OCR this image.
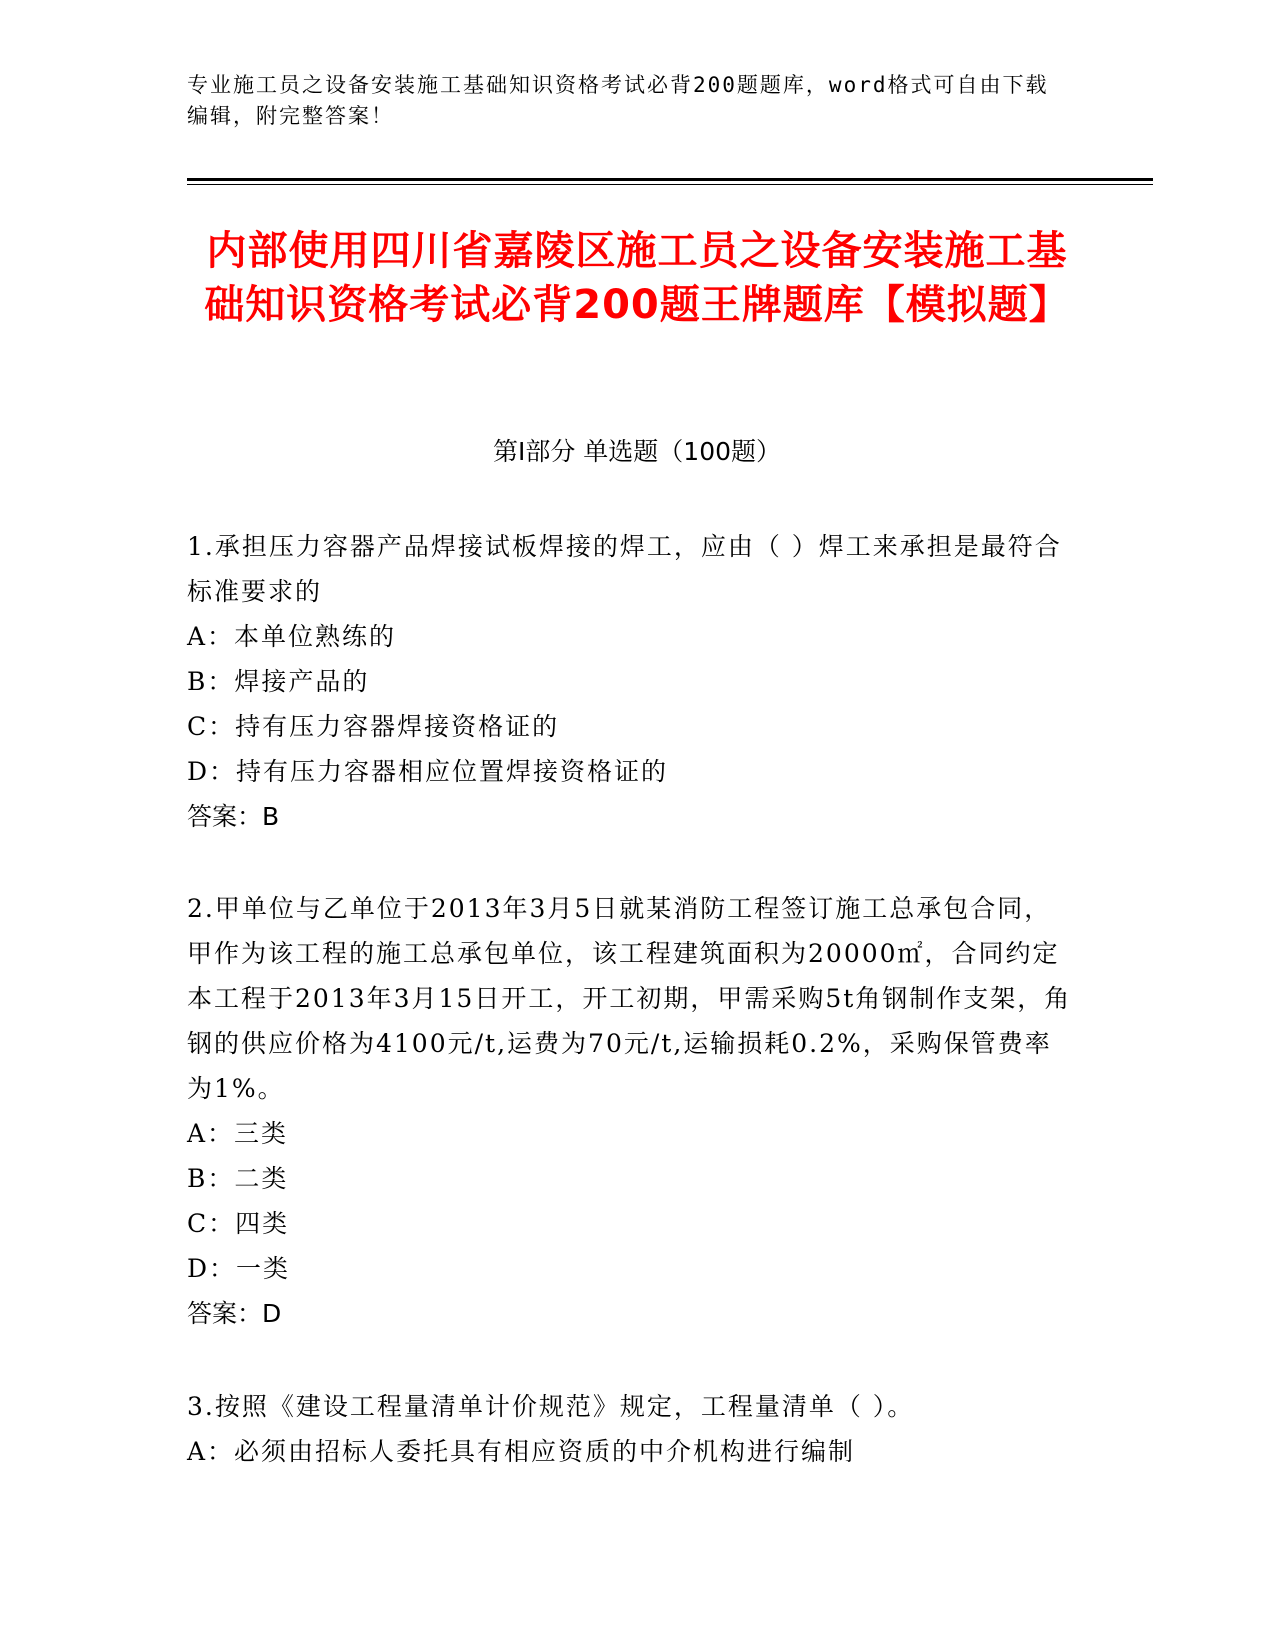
专业施工员之设备安装施工基础知识资格考试必背200题题库，word格式可自由下载编辑，附完整答案！
内部使用四川省嘉陵区施工员之设备安装施工基础知识资格考试必背200题王牌题库【模拟题】
第Ⅰ部分 单选题（100题）

1.承担压力容器产品焊接试板焊接的焊工，应由（ ）焊工来承担是最符合标准要求的

A：本单位熟练的

B：焊接产品的

C：持有压力容器焊接资格证的

D：持有压力容器相应位置焊接资格证的

答案：B

2.甲单位与乙单位于2013年3月5日就某消防工程签订施工总承包合同，甲作为该工程的施工总承包单位，该工程建筑面积为20000㎡，合同约定本工程于2013年3月15日开工，开工初期，甲需采购5t角钢制作支架，角钢的供应价格为4100元/t,运费为70元/t,运输损耗0.2%，采购保管费率为1%。

A：三类

B：二类

C：四类

D：一类

答案：D

3.按照《建设工程量清单计价规范》规定，工程量清单（ ）。

A：必须由招标人委托具有相应资质的中介机构进行编制
